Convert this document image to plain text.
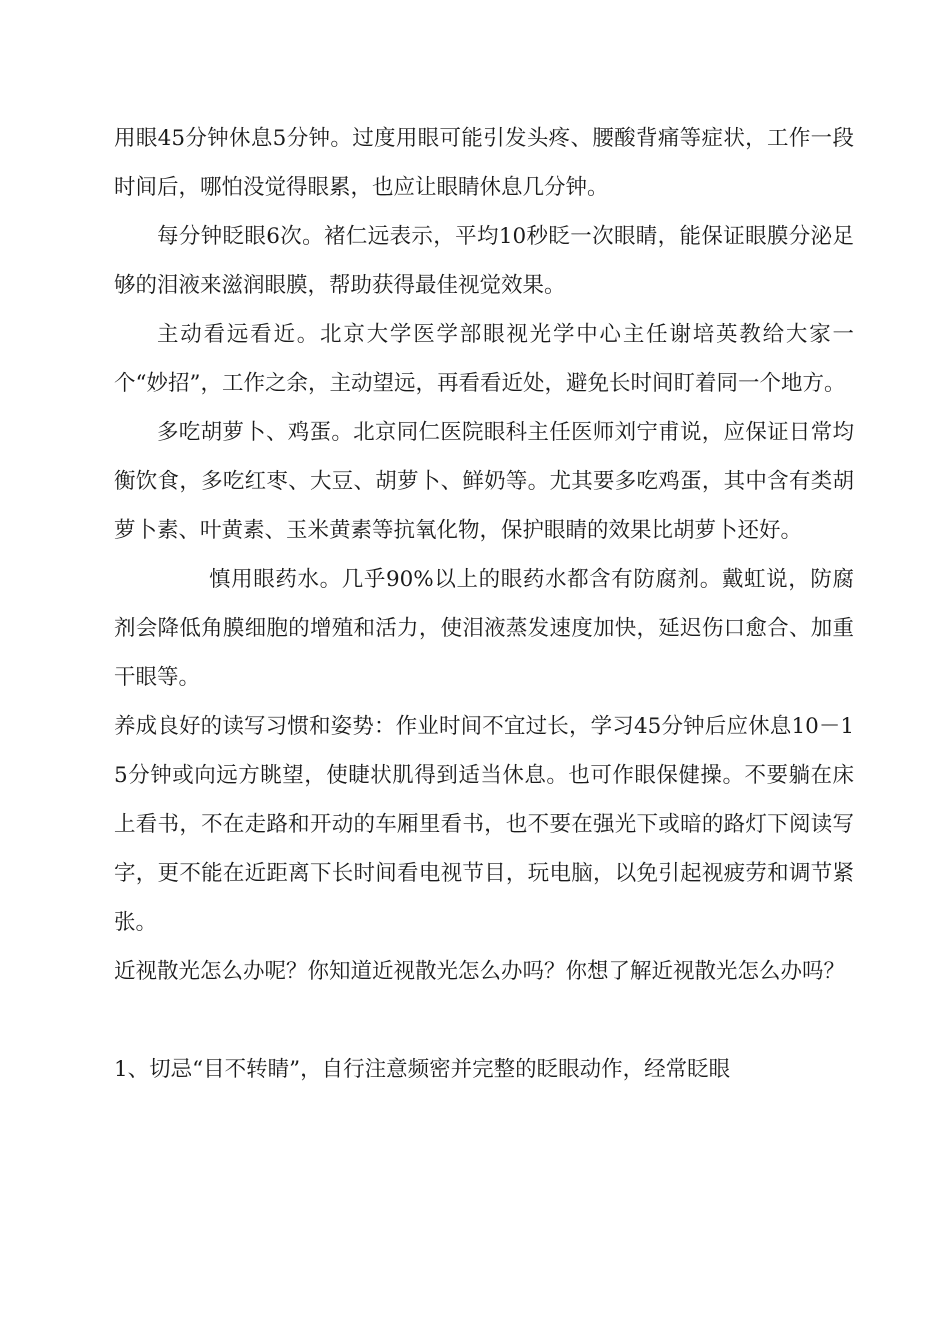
用眼45分钟休息5分钟。过度用眼可能引发头疼、腰酸背痛等症状，工作一段时间后，哪怕没觉得眼累，也应让眼睛休息几分钟。

每分钟眨眼6次。褚仁远表示，平均10秒眨一次眼睛，能保证眼膜分泌足够的泪液来滋润眼膜，帮助获得最佳视觉效果。

主动看远看近。北京大学医学部眼视光学中心主任谢培英教给大家一个“妙招”，工作之余，主动望远，再看看近处，避免长时间盯着同一个地方。

多吃胡萝卜、鸡蛋。北京同仁医院眼科主任医师刘宁甫说，应保证日常均衡饮食，多吃红枣、大豆、胡萝卜、鲜奶等。尤其要多吃鸡蛋，其中含有类胡萝卜素、叶黄素、玉米黄素等抗氧化物，保护眼睛的效果比胡萝卜还好。

慎用眼药水。几乎90%以上的眼药水都含有防腐剂。戴虹说，防腐剂会降低角膜细胞的增殖和活力，使泪液蒸发速度加快，延迟伤口愈合、加重干眼等。

养成良好的读写习惯和姿势：作业时间不宜过长，学习45分钟后应休息10－15分钟或向远方眺望，使睫状肌得到适当休息。也可作眼保健操。不要躺在床上看书，不在走路和开动的车厢里看书，也不要在强光下或暗的路灯下阅读写字，更不能在近距离下长时间看电视节目，玩电脑，以免引起视疲劳和调节紧张。

近视散光怎么办呢？你知道近视散光怎么办吗？你想了解近视散光怎么办吗？

1、切忌“目不转睛”，自行注意频密并完整的眨眼动作，经常眨眼
